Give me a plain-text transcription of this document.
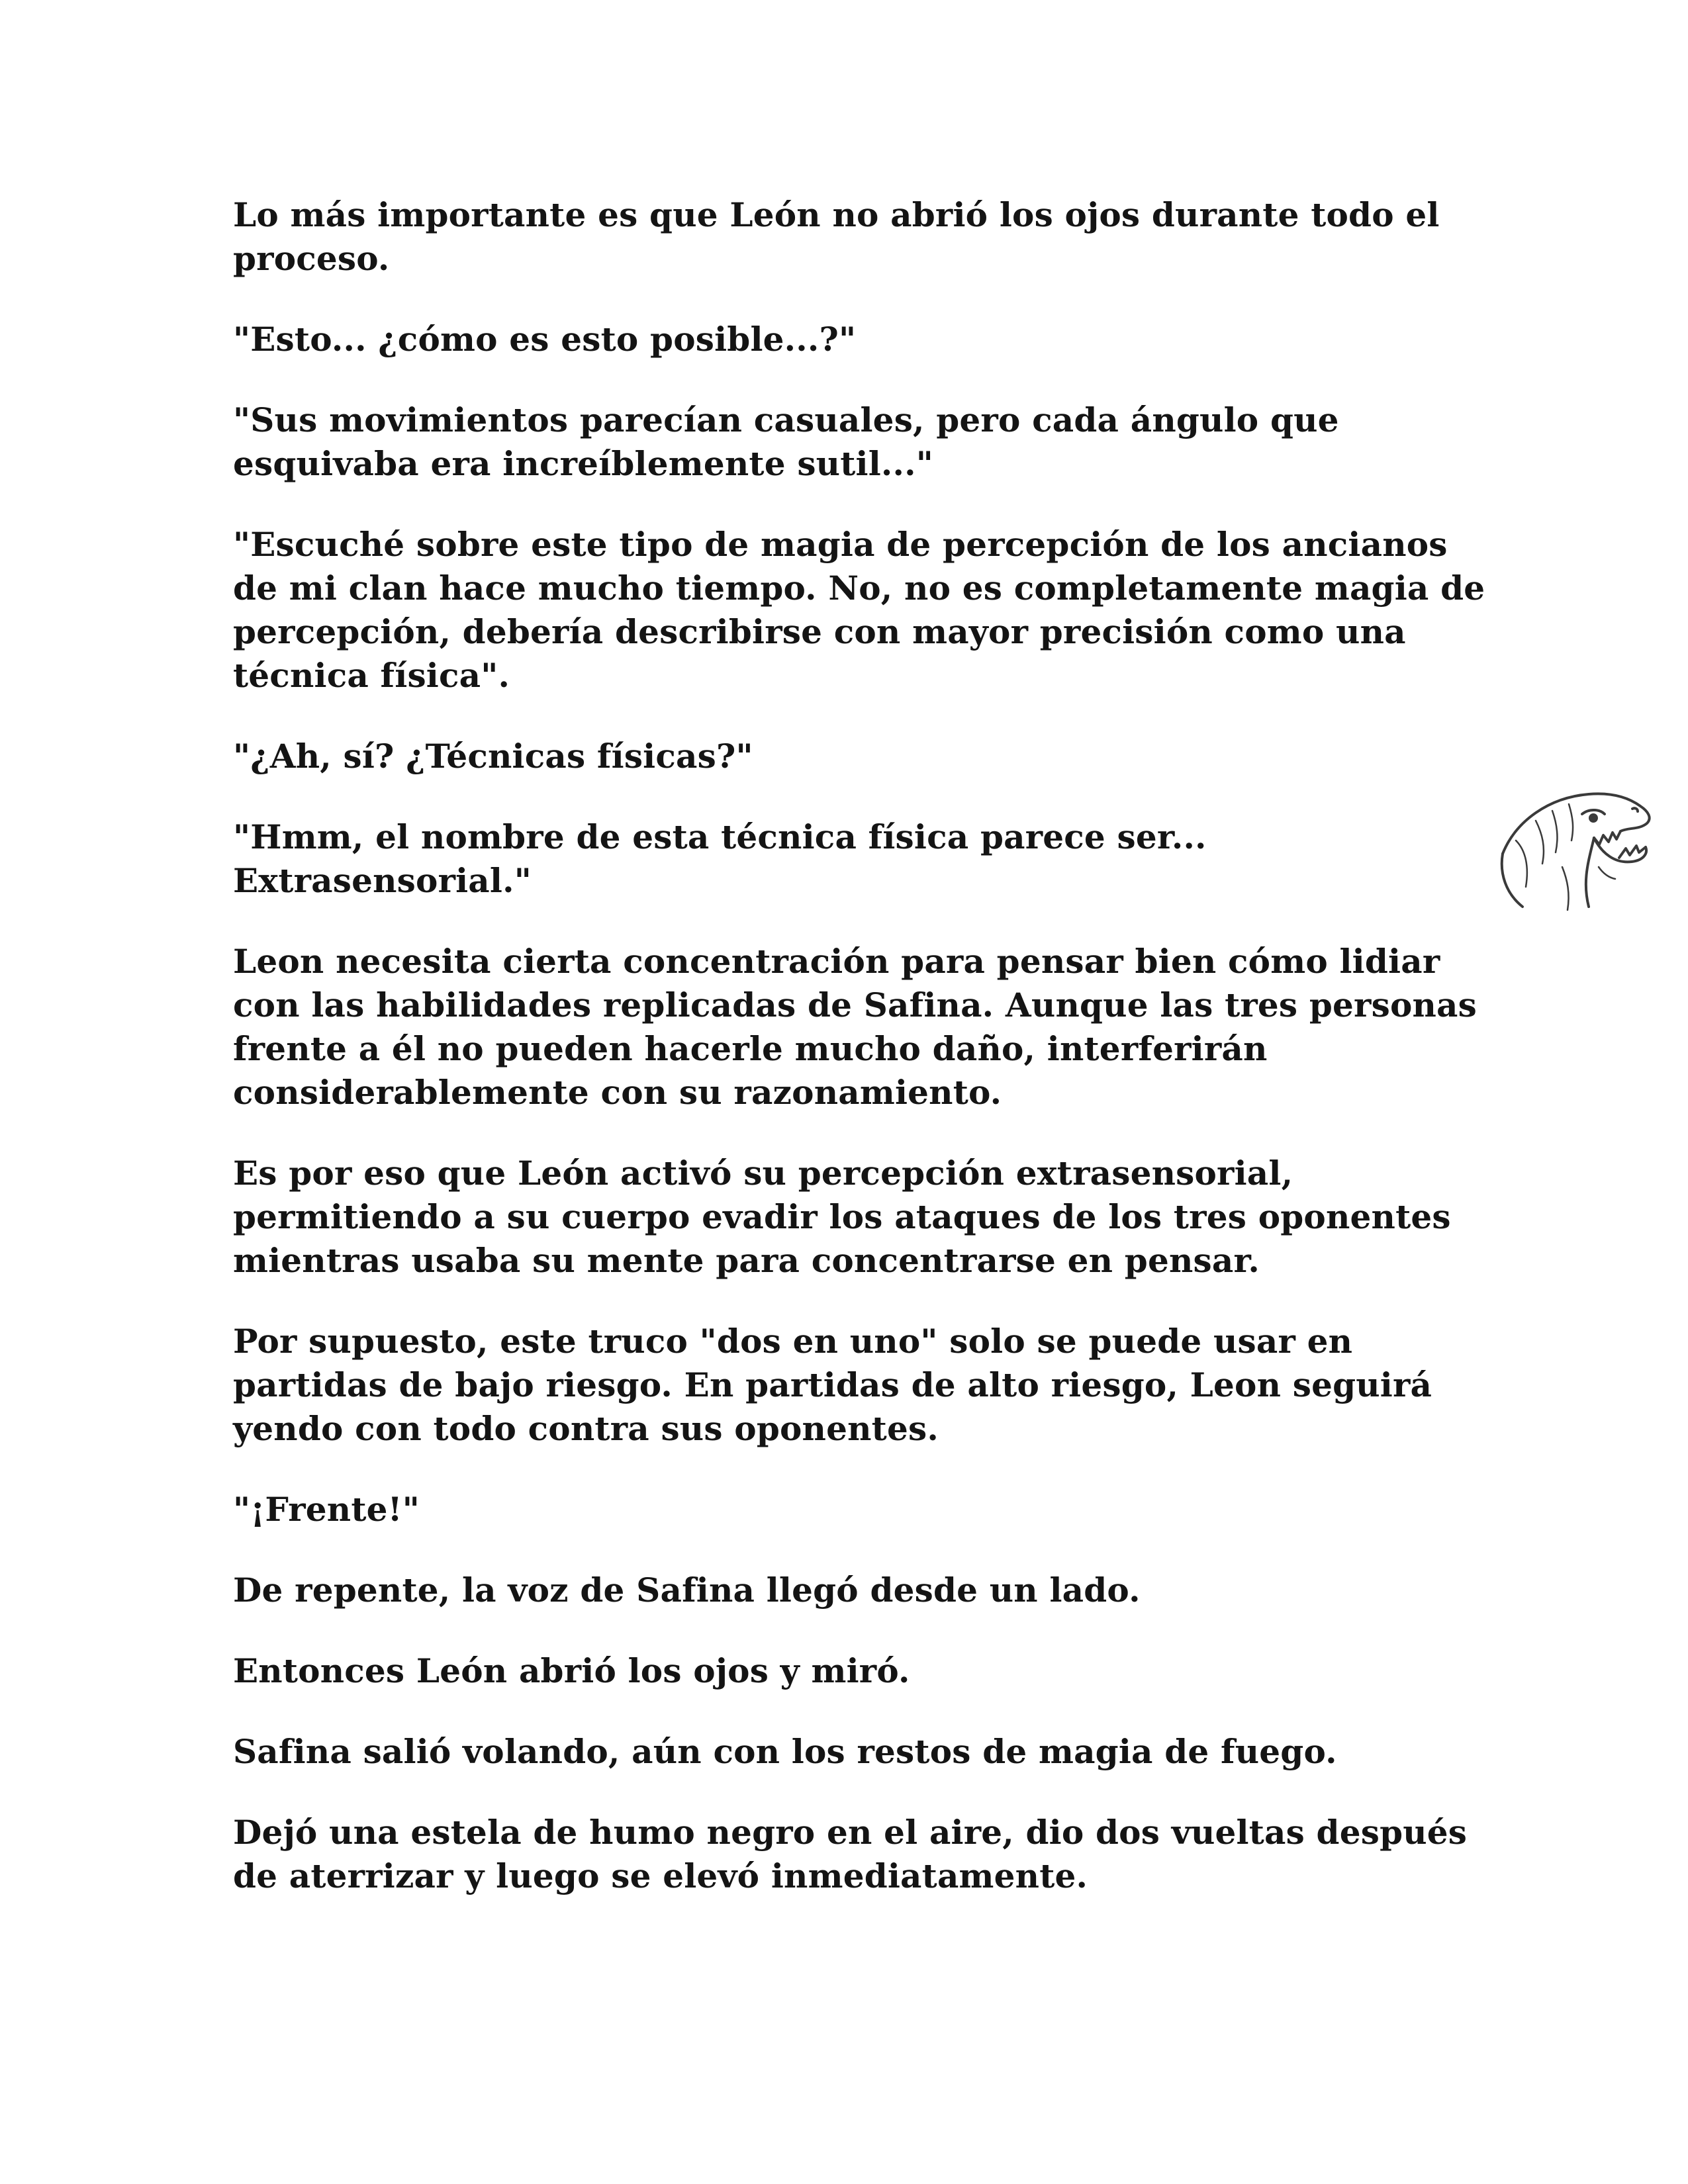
Lo más importante es que León no abrió los ojos durante todo el proceso.

"Esto... ¿cómo es esto posible...?"

"Sus movimientos parecían casuales, pero cada ángulo que esquivaba era increíblemente sutil..."

"Escuché sobre este tipo de magia de percepción de los ancianos de mi clan hace mucho tiempo. No, no es completamente magia de percepción, debería describirse con mayor precisión como una técnica física".

"¿Ah, sí? ¿Técnicas físicas?"

"Hmm, el nombre de esta técnica física parece ser... Extrasensorial."

Leon necesita cierta concentración para pensar bien cómo lidiar con las habilidades replicadas de Safina. Aunque las tres personas frente a él no pueden hacerle mucho daño, interferirán considerablemente con su razonamiento.

Es por eso que León activó su percepción extrasensorial, permitiendo a su cuerpo evadir los ataques de los tres oponentes mientras usaba su mente para concentrarse en pensar.

Por supuesto, este truco "dos en uno" solo se puede usar en partidas de bajo riesgo. En partidas de alto riesgo, Leon seguirá yendo con todo contra sus oponentes.

"¡Frente!"

De repente, la voz de Safina llegó desde un lado.

Entonces León abrió los ojos y miró.

Safina salió volando, aún con los restos de magia de fuego.

Dejó una estela de humo negro en el aire, dio dos vueltas después de aterrizar y luego se elevó inmediatamente.
